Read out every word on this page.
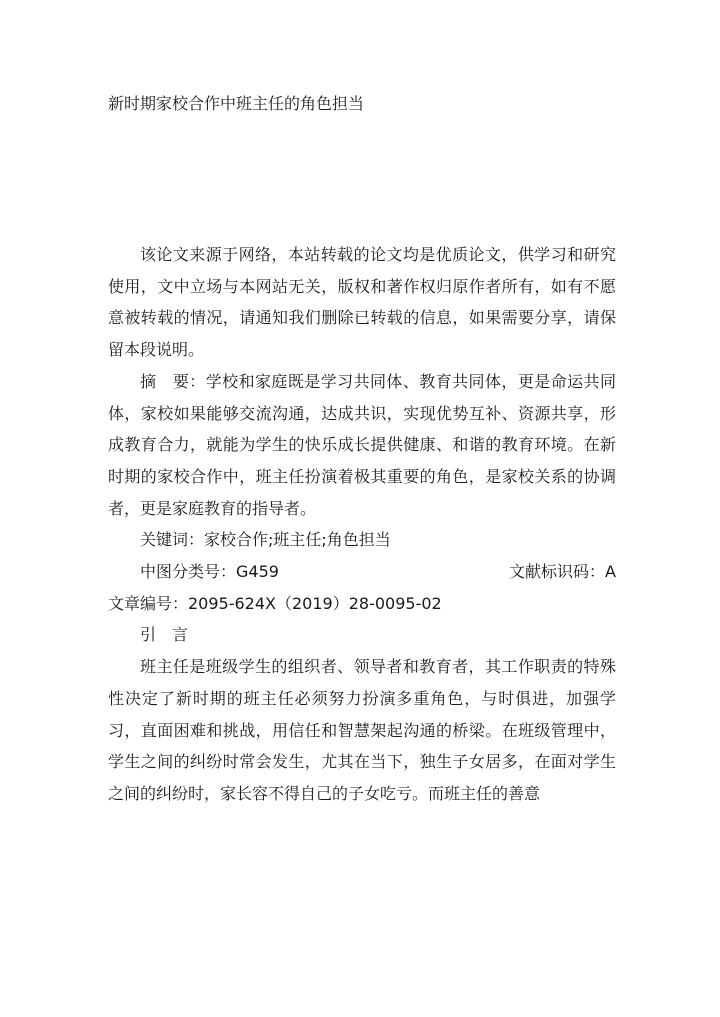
新时期家校合作中班主任的角色担当

该论文来源于网络，本站转载的论文均是优质论文，供学习和研究使用，文中立场与本网站无关，版权和著作权归原作者所有，如有不愿意被转载的情况，请通知我们删除已转载的信息，如果需要分享，请保留本段说明。

摘　要：学校和家庭既是学习共同体、教育共同体，更是命运共同体，家校如果能够交流沟通，达成共识，实现优势互补、资源共享，形成教育合力，就能为学生的快乐成长提供健康、和谐的教育环境。在新时期的家校合作中，班主任扮演着极其重要的角色，是家校关系的协调者，更是家庭教育的指导者。

关键词：家校合作;班主任;角色担当

中图分类号：G459	文献标识码：A

文章编号：2095-624X（2019）28-0095-02

引　言

班主任是班级学生的组织者、领导者和教育者，其工作职责的特殊性决定了新时期的班主任必须努力扮演多重角色，与时俱进，加强学习，直面困难和挑战，用信任和智慧架起沟通的桥梁。在班级管理中，学生之间的纠纷时常会发生，尤其在当下，独生子女居多，在面对学生之间的纠纷时，家长容不得自己的子女吃亏。而班主任的善意
